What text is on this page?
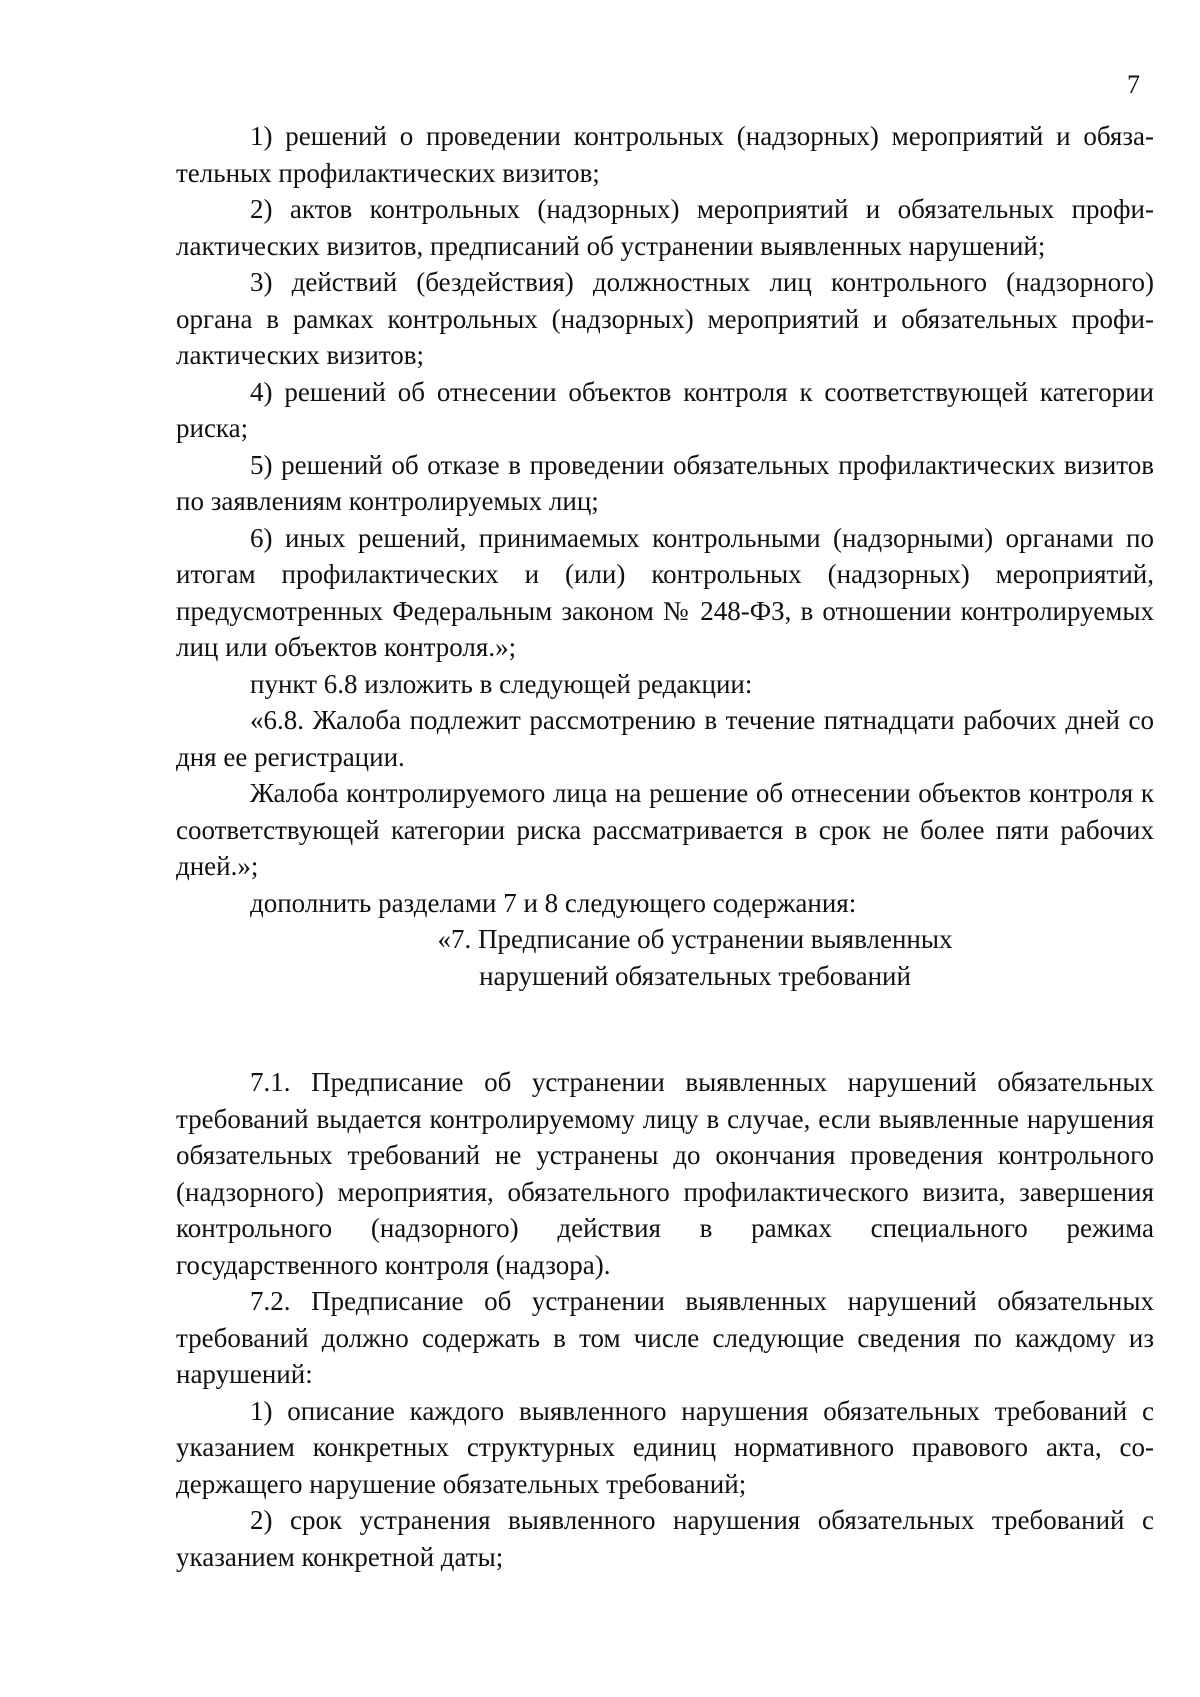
7

1) решений о проведении контрольных (надзорных) мероприятий и обязательных профилактических визитов;

2) актов контрольных (надзорных) мероприятий и обязательных профилактических визитов, предписаний об устранении выявленных нарушений;

3) действий (бездействия) должностных лиц контрольного (надзорного) органа в рамках контрольных (надзорных) мероприятий и обязательных профилактических визитов;

4) решений об отнесении объектов контроля к соответствующей категории риска;

5) решений об отказе в проведении обязательных профилактических визитов по заявлениям контролируемых лиц;

6) иных решений, принимаемых контрольными (надзорными) органами по итогам профилактических и (или) контрольных (надзорных) мероприятий, предусмотренных Федеральным законом № 248-ФЗ, в отношении контролируемых лиц или объектов контроля.»;

пункт 6.8 изложить в следующей редакции:

«6.8. Жалоба подлежит рассмотрению в течение пятнадцати рабочих дней со дня ее регистрации.

Жалоба контролируемого лица на решение об отнесении объектов контроля к соответствующей категории риска рассматривается в срок не более пяти рабочих дней.»;

дополнить разделами 7 и 8 следующего содержания:

«7. Предписание об устранении выявленных

нарушений обязательных требований

7.1. Предписание об устранении выявленных нарушений обязательных требований выдается контролируемому лицу в случае, если выявленные нарушения обязательных требований не устранены до окончания проведения контрольного (надзорного) мероприятия, обязательного профилактического визита, завершения контрольного (надзорного) действия в рамках специального режима государственного контроля (надзора).

7.2. Предписание об устранении выявленных нарушений обязательных требований должно содержать в том числе следующие сведения по каждому из нарушений:

1) описание каждого выявленного нарушения обязательных требований с указанием конкретных структурных единиц нормативного правового акта, содержащего нарушение обязательных требований;

2) срок устранения выявленного нарушения обязательных требований с указанием конкретной даты;
